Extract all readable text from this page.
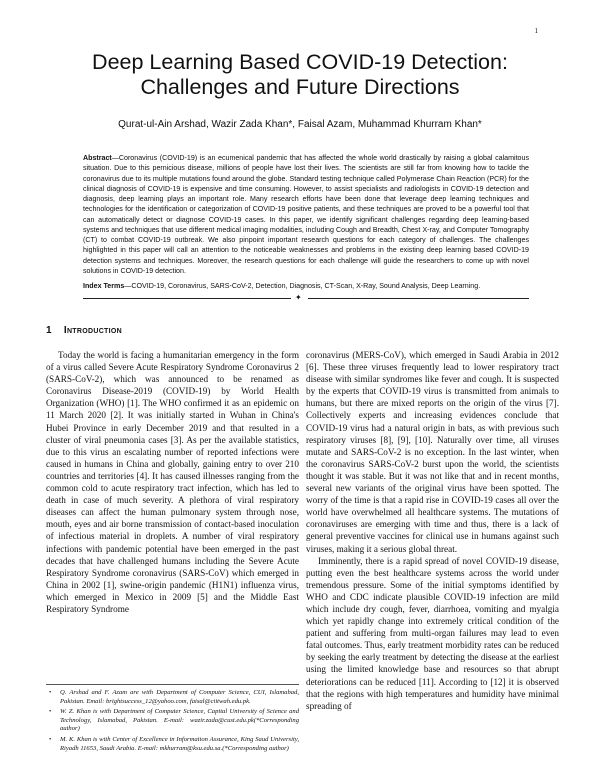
1
Deep Learning Based COVID-19 Detection:
Challenges and Future Directions
Qurat-ul-Ain Arshad, Wazir Zada Khan*, Faisal Azam, Muhammad Khurram Khan*
Abstract—Coronavirus (COVID-19) is an ecumenical pandemic that has affected the whole world drastically by raising a global calamitous situation. Due to this pernicious disease, millions of people have lost their lives. The scientists are still far from knowing how to tackle the coronavirus due to its multiple mutations found around the globe. Standard testing technique called Polymerase Chain Reaction (PCR) for the clinical diagnosis of COVID-19 is expensive and time consuming. However, to assist specialists and radiologists in COVID-19 detection and diagnosis, deep learning plays an important role. Many research efforts have been done that leverage deep learning techniques and technologies for the identification or categorization of COVID-19 positive patients, and these techniques are proved to be a powerful tool that can automatically detect or diagnose COVID-19 cases. In this paper, we identify significant challenges regarding deep learning-based systems and techniques that use different medical imaging modalities, including Cough and Breadth, Chest X-ray, and Computer Tomography (CT) to combat COVID-19 outbreak. We also pinpoint important research questions for each category of challenges. The challenges highlighted in this paper will call an attention to the noticeable weaknesses and problems in the existing deep learning based COVID-19 detection systems and techniques. Moreover, the research questions for each challenge will guide the researchers to come up with novel solutions in COVID-19 detection.
Index Terms—COVID-19, Coronavirus, SARS-CoV-2, Detection, Diagnosis, CT-Scan, X-Ray, Sound Analysis, Deep Learning.
✦
1 Introduction

Today the world is facing a humanitarian emergency in the form of a virus called Severe Acute Respiratory Syndrome Coronavirus 2 (SARS-CoV-2), which was announced to be renamed as Coronavirus Disease-2019 (COVID-19) by World Health Organization (WHO) [1]. The WHO confirmed it as an epidemic on 11 March 2020 [2]. It was initially started in Wuhan in China's Hubei Province in early December 2019 and that resulted in a cluster of viral pneumonia cases [3]. As per the available statistics, due to this virus an escalating number of reported infections were caused in humans in China and globally, gaining entry to over 210 countries and territories [4]. It has caused illnesses ranging from the common cold to acute respiratory tract infection, which has led to death in case of much severity. A plethora of viral respiratory diseases can affect the human pulmonary system through nose, mouth, eyes and air borne transmission of contact-based inoculation of infectious material in droplets. A number of viral respiratory infections with pandemic potential have been emerged in the past decades that have challenged humans including the Severe Acute Respiratory Syndrome coronavirus (SARS-CoV) which emerged in China in 2002 [1], swine-origin pandemic (H1N1) influenza virus, which emerged in Mexico in 2009 [5] and the Middle East Respiratory Syndrome

coronavirus (MERS-CoV), which emerged in Saudi Arabia in 2012 [6]. These three viruses frequently lead to lower respiratory tract disease with similar syndromes like fever and cough. It is suspected by the experts that COVID-19 virus is transmitted from animals to humans, but there are mixed reports on the origin of the virus [7]. Collectively experts and increasing evidences conclude that COVID-19 virus had a natural origin in bats, as with previous such respiratory viruses [8], [9], [10]. Naturally over time, all viruses mutate and SARS-CoV-2 is no exception. In the last winter, when the coronavirus SARS-CoV-2 burst upon the world, the scientists thought it was stable. But it was not like that and in recent months, several new variants of the original virus have been spotted. The worry of the time is that a rapid rise in COVID-19 cases all over the world have overwhelmed all healthcare systems. The mutations of coronaviruses are emerging with time and thus, there is a lack of general preventive vaccines for clinical use in humans against such viruses, making it a serious global threat.

Imminently, there is a rapid spread of novel COVID-19 disease, putting even the best healthcare systems across the world under tremendous pressure. Some of the initial symptoms identified by WHO and CDC indicate plausible COVID-19 infection are mild which include dry cough, fever, diarrhoea, vomiting and myalgia which yet rapidly change into extremely critical condition of the patient and suffering from multi-organ failures may lead to even fatal outcomes. Thus, early treatment morbidity rates can be reduced by seeking the early treatment by detecting the disease at the earliest using the limited knowledge base and resources so that abrupt deteriorations can be reduced [11]. According to [12] it is observed that the regions with high temperatures and humidity have minimal spreading of

• Q. Arshad and F. Azam are with Department of Computer Science, CUI, Islamabad, Pakistan. Email: brightsuccess_12@yahoo.com, faisal@ciitwah.edu.pk.
• W. Z. Khan is with Department of Computer Science, Capital University of Science and Technology, Islamabad, Pakistan. E-mail: wazir.zada@cust.edu.pk(*Corresponding author)
• M. K. Khan is with Center of Excellence in Information Assurance, King Saud University, Riyadh 11653, Saudi Arabia. E-mail: mkhurram@ksu.edu.sa.(*Corresponding author)
